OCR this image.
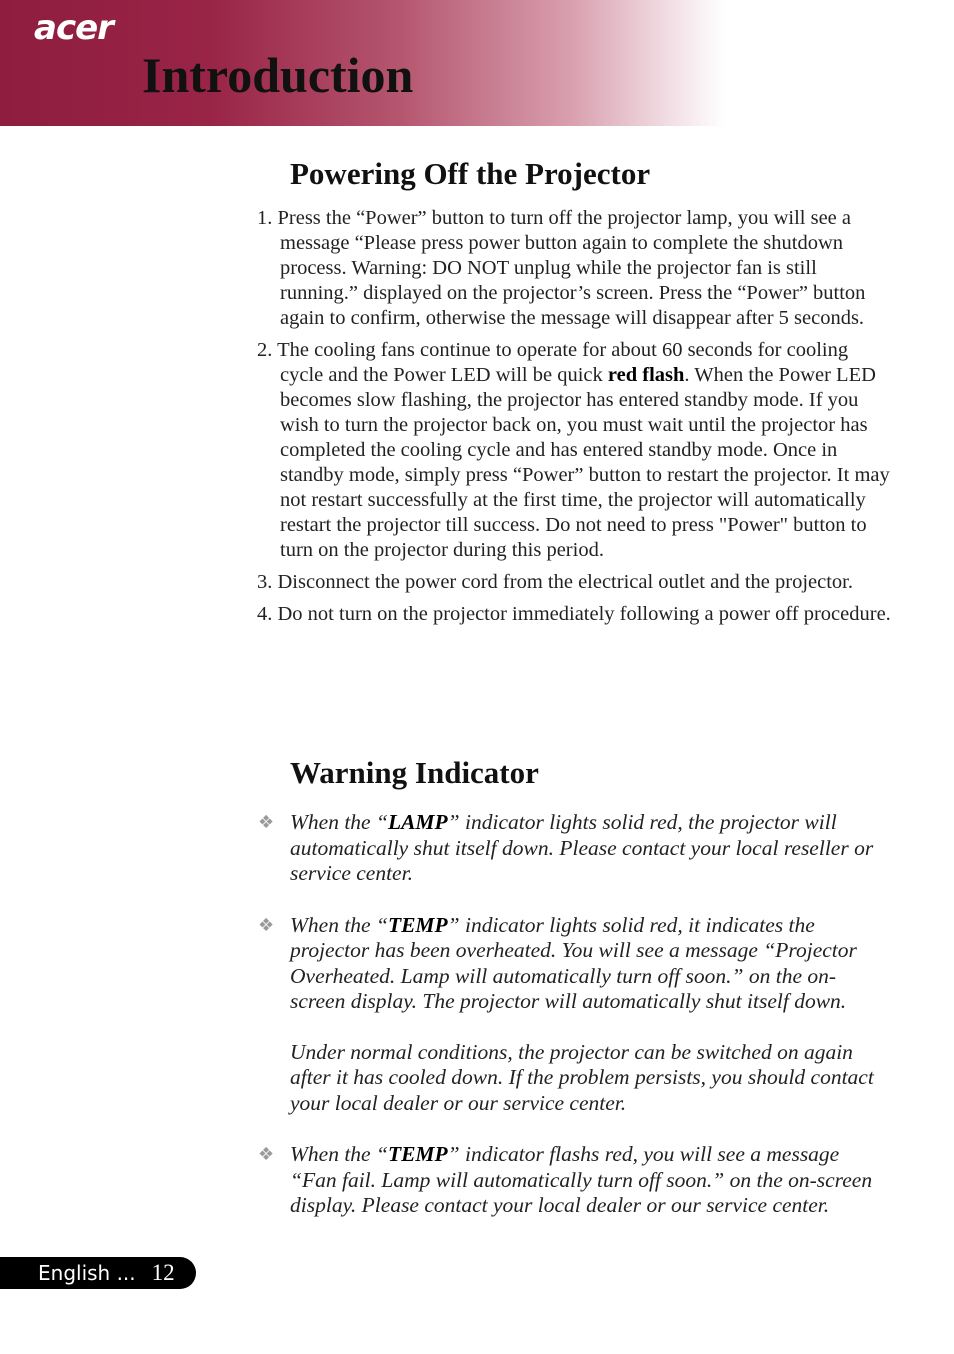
acer
Introduction
Powering Off the Projector
1. Press the “Power” button to turn off the projector lamp, you will see a message “Please press power button again to complete the shutdown process. Warning: DO NOT unplug while the projector fan is still running.” displayed on the projector’s screen. Press the “Power” button again to confirm, otherwise the message will disappear after 5 seconds.
2. The cooling fans continue to operate for about 60 seconds for cooling cycle and the Power LED will be quick red flash. When the Power LED becomes slow flashing, the projector has entered standby mode. If you wish to turn the projector back on, you must wait until the projector has completed the cooling cycle and has entered standby mode. Once in standby mode, simply press “Power” button to restart the projector. It may not restart successfully at the first time, the projector will automatically restart the projector till success. Do not need to press "Power" button to turn on the projector during this period.
3. Disconnect the power cord from the electrical outlet and the projector.
4. Do not turn on the projector immediately following a power off procedure.
Warning Indicator
❖ When the “LAMP” indicator lights solid red, the projector will automatically shut itself down. Please contact your local reseller or service center.
❖ When the “TEMP” indicator lights solid red, it indicates the projector has been overheated. You will see a message “Projector Overheated. Lamp will automatically turn off soon.” on the on-screen display. The projector will automatically shut itself down.
Under normal conditions, the projector can be switched on again after it has cooled down. If the problem persists, you should contact your local dealer or our service center.
❖ When the “TEMP” indicator flashs red, you will see a message “Fan fail. Lamp will automatically turn off soon.” on the on-screen display. Please contact your local dealer or our service center.
English ... 12
